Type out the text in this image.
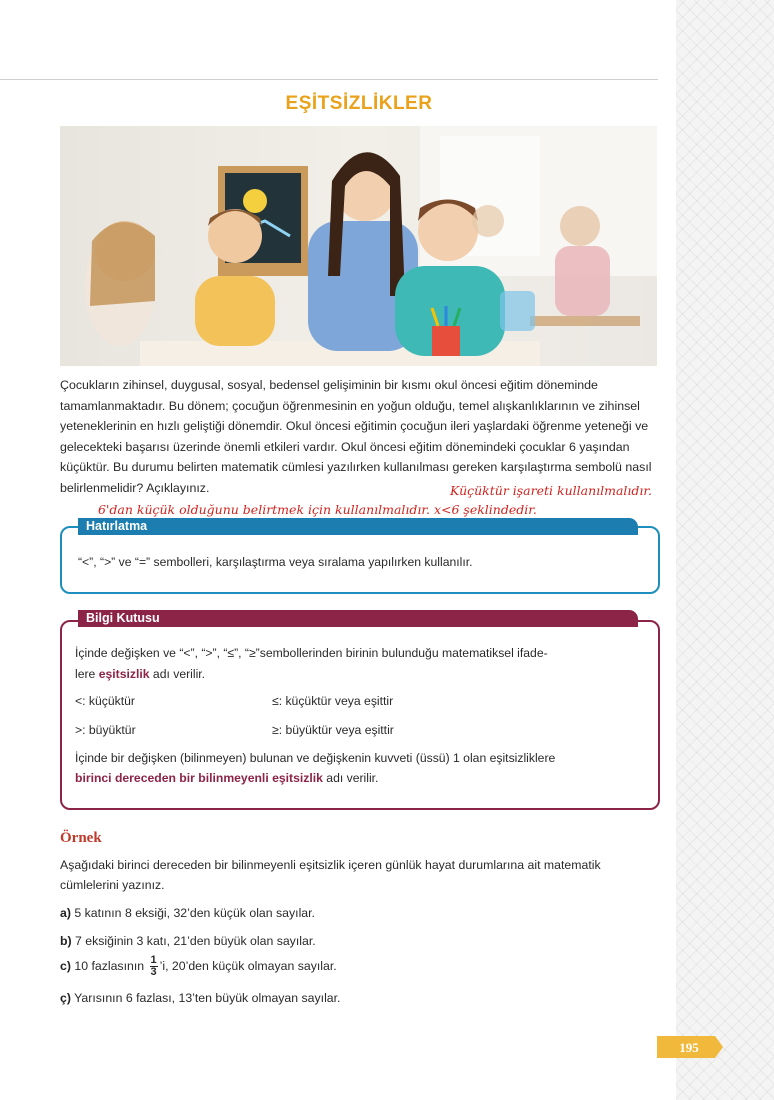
EŞİTSİZLİKLER
Çocukların zihinsel, duygusal, sosyal, bedensel gelişiminin bir kısmı okul öncesi eğitim döneminde tamamlanmaktadır. Bu dönem; çocuğun öğrenmesinin en yoğun olduğu, temel alışkanlıklarının ve zihinsel yeteneklerinin en hızlı geliştiği dönemdir. Okul öncesi eğitimin çocuğun ileri yaşlardaki öğrenme yeteneği ve gelecekteki başarısı üzerinde önemli etkileri vardır. Okul öncesi eğitim dönemindeki çocuklar 6 yaşından küçüktür. Bu durumu belirten matematik cümlesi yazılırken kullanılması gereken karşılaştırma sembolü nasıl belirlenmelidir? Açıklayınız.	Küçüktür işareti kullanılmalıdır.
6'dan küçük olduğunu belirtmek için kullanılmalıdır. x<6 şeklindedir.
Hatırlatma
“<”, “>” ve “=” sembolleri, karşılaştırma veya sıralama yapılırken kullanılır.
Bilgi Kutusu
İçinde değişken ve “<”, “>”, “≤”, “≥”sembollerinden birinin bulunduğu matematiksel ifade-
lere eşitsizlik adı verilir.
<: küçüktür	≤: küçüktür veya eşittir
>: büyüktür	≥: büyüktür veya eşittir
İçinde bir değişken (bilinmeyen) bulunan ve değişkenin kuvveti (üssü) 1 olan eşitsizliklere
birinci dereceden bir bilinmeyenli eşitsizlik adı verilir.
Örnek
Aşağıdaki birinci dereceden bir bilinmeyenli eşitsizlik içeren günlük hayat durumlarına ait matematik cümlelerini yazınız.
a) 5 katının 8 eksiği, 32’den küçük olan sayılar.
b) 7 eksiğinin 3 katı, 21’den büyük olan sayılar.
c) 10 fazlasının $\frac{1}{3}$ ’i, 20’den küçük olmayan sayılar.
ç) Yarısının 6 fazlası, 13’ten büyük olmayan sayılar.
195
